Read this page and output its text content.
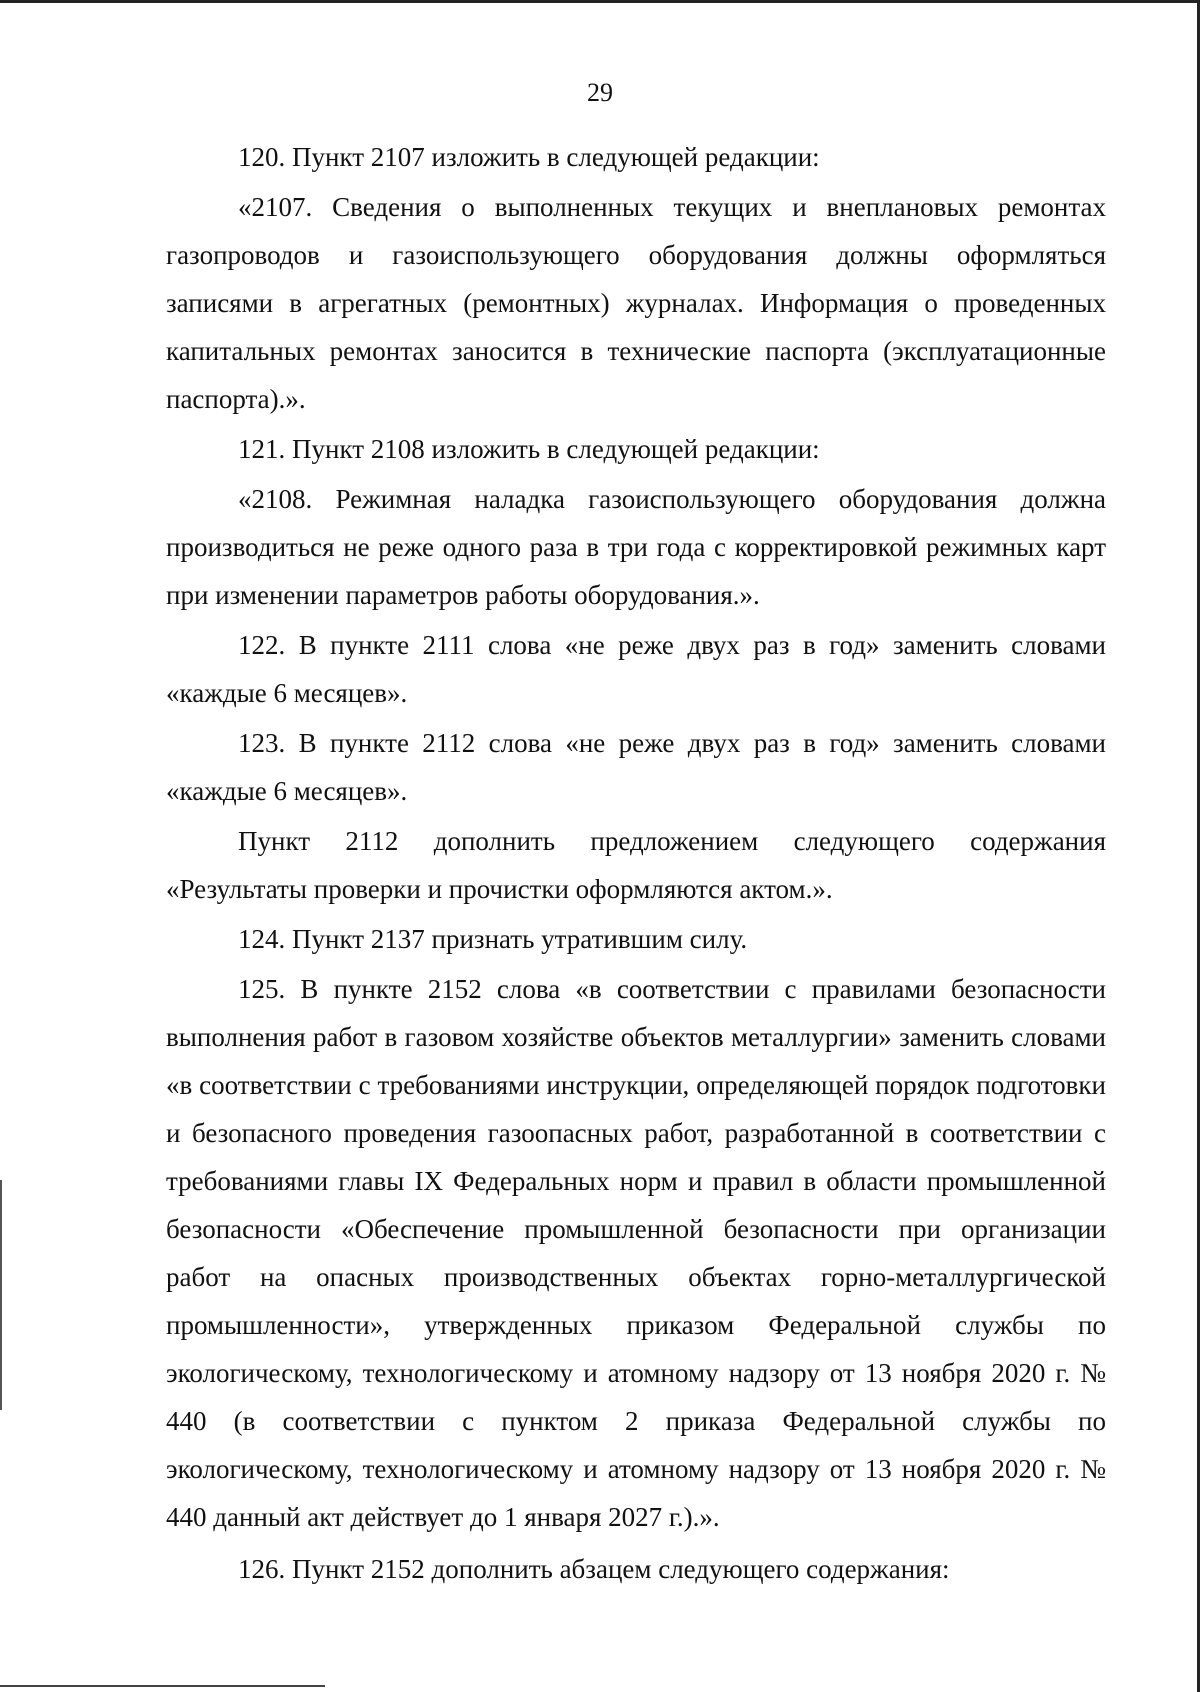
29

120. Пункт 2107 изложить в следующей редакции:

«2107. Сведения о выполненных текущих и внеплановых ремонтах газопроводов и газоиспользующего оборудования должны оформляться записями в агрегатных (ремонтных) журналах. Информация о проведенных капитальных ремонтах заносится в технические паспорта (эксплуатационные паспорта).».

121. Пункт 2108 изложить в следующей редакции:

«2108. Режимная наладка газоиспользующего оборудования должна производиться не реже одного раза в три года с корректировкой режимных карт при изменении параметров работы оборудования.».

122. В пункте 2111 слова «не реже двух раз в год» заменить словами «каждые 6 месяцев».

123. В пункте 2112 слова «не реже двух раз в год» заменить словами «каждые 6 месяцев».

Пункт 2112 дополнить предложением следующего содержания «Результаты проверки и прочистки оформляются актом.».

124. Пункт 2137 признать утратившим силу.

125. В пункте 2152 слова «в соответствии с правилами безопасности выполнения работ в газовом хозяйстве объектов металлургии» заменить словами «в соответствии с требованиями инструкции, определяющей порядок подготовки и безопасного проведения газоопасных работ, разработанной в соответствии с требованиями главы IX Федеральных норм и правил в области промышленной безопасности «Обеспечение промышленной безопасности при организации работ на опасных производственных объектах горно-металлургической промышленности», утвержденных приказом Федеральной службы по экологическому, технологическому и атомному надзору от 13 ноября 2020 г. № 440 (в соответствии с пунктом 2 приказа Федеральной службы по экологическому, технологическому и атомному надзору от 13 ноября 2020 г. № 440 данный акт действует до 1 января 2027 г.).».

126. Пункт 2152 дополнить абзацем следующего содержания:
